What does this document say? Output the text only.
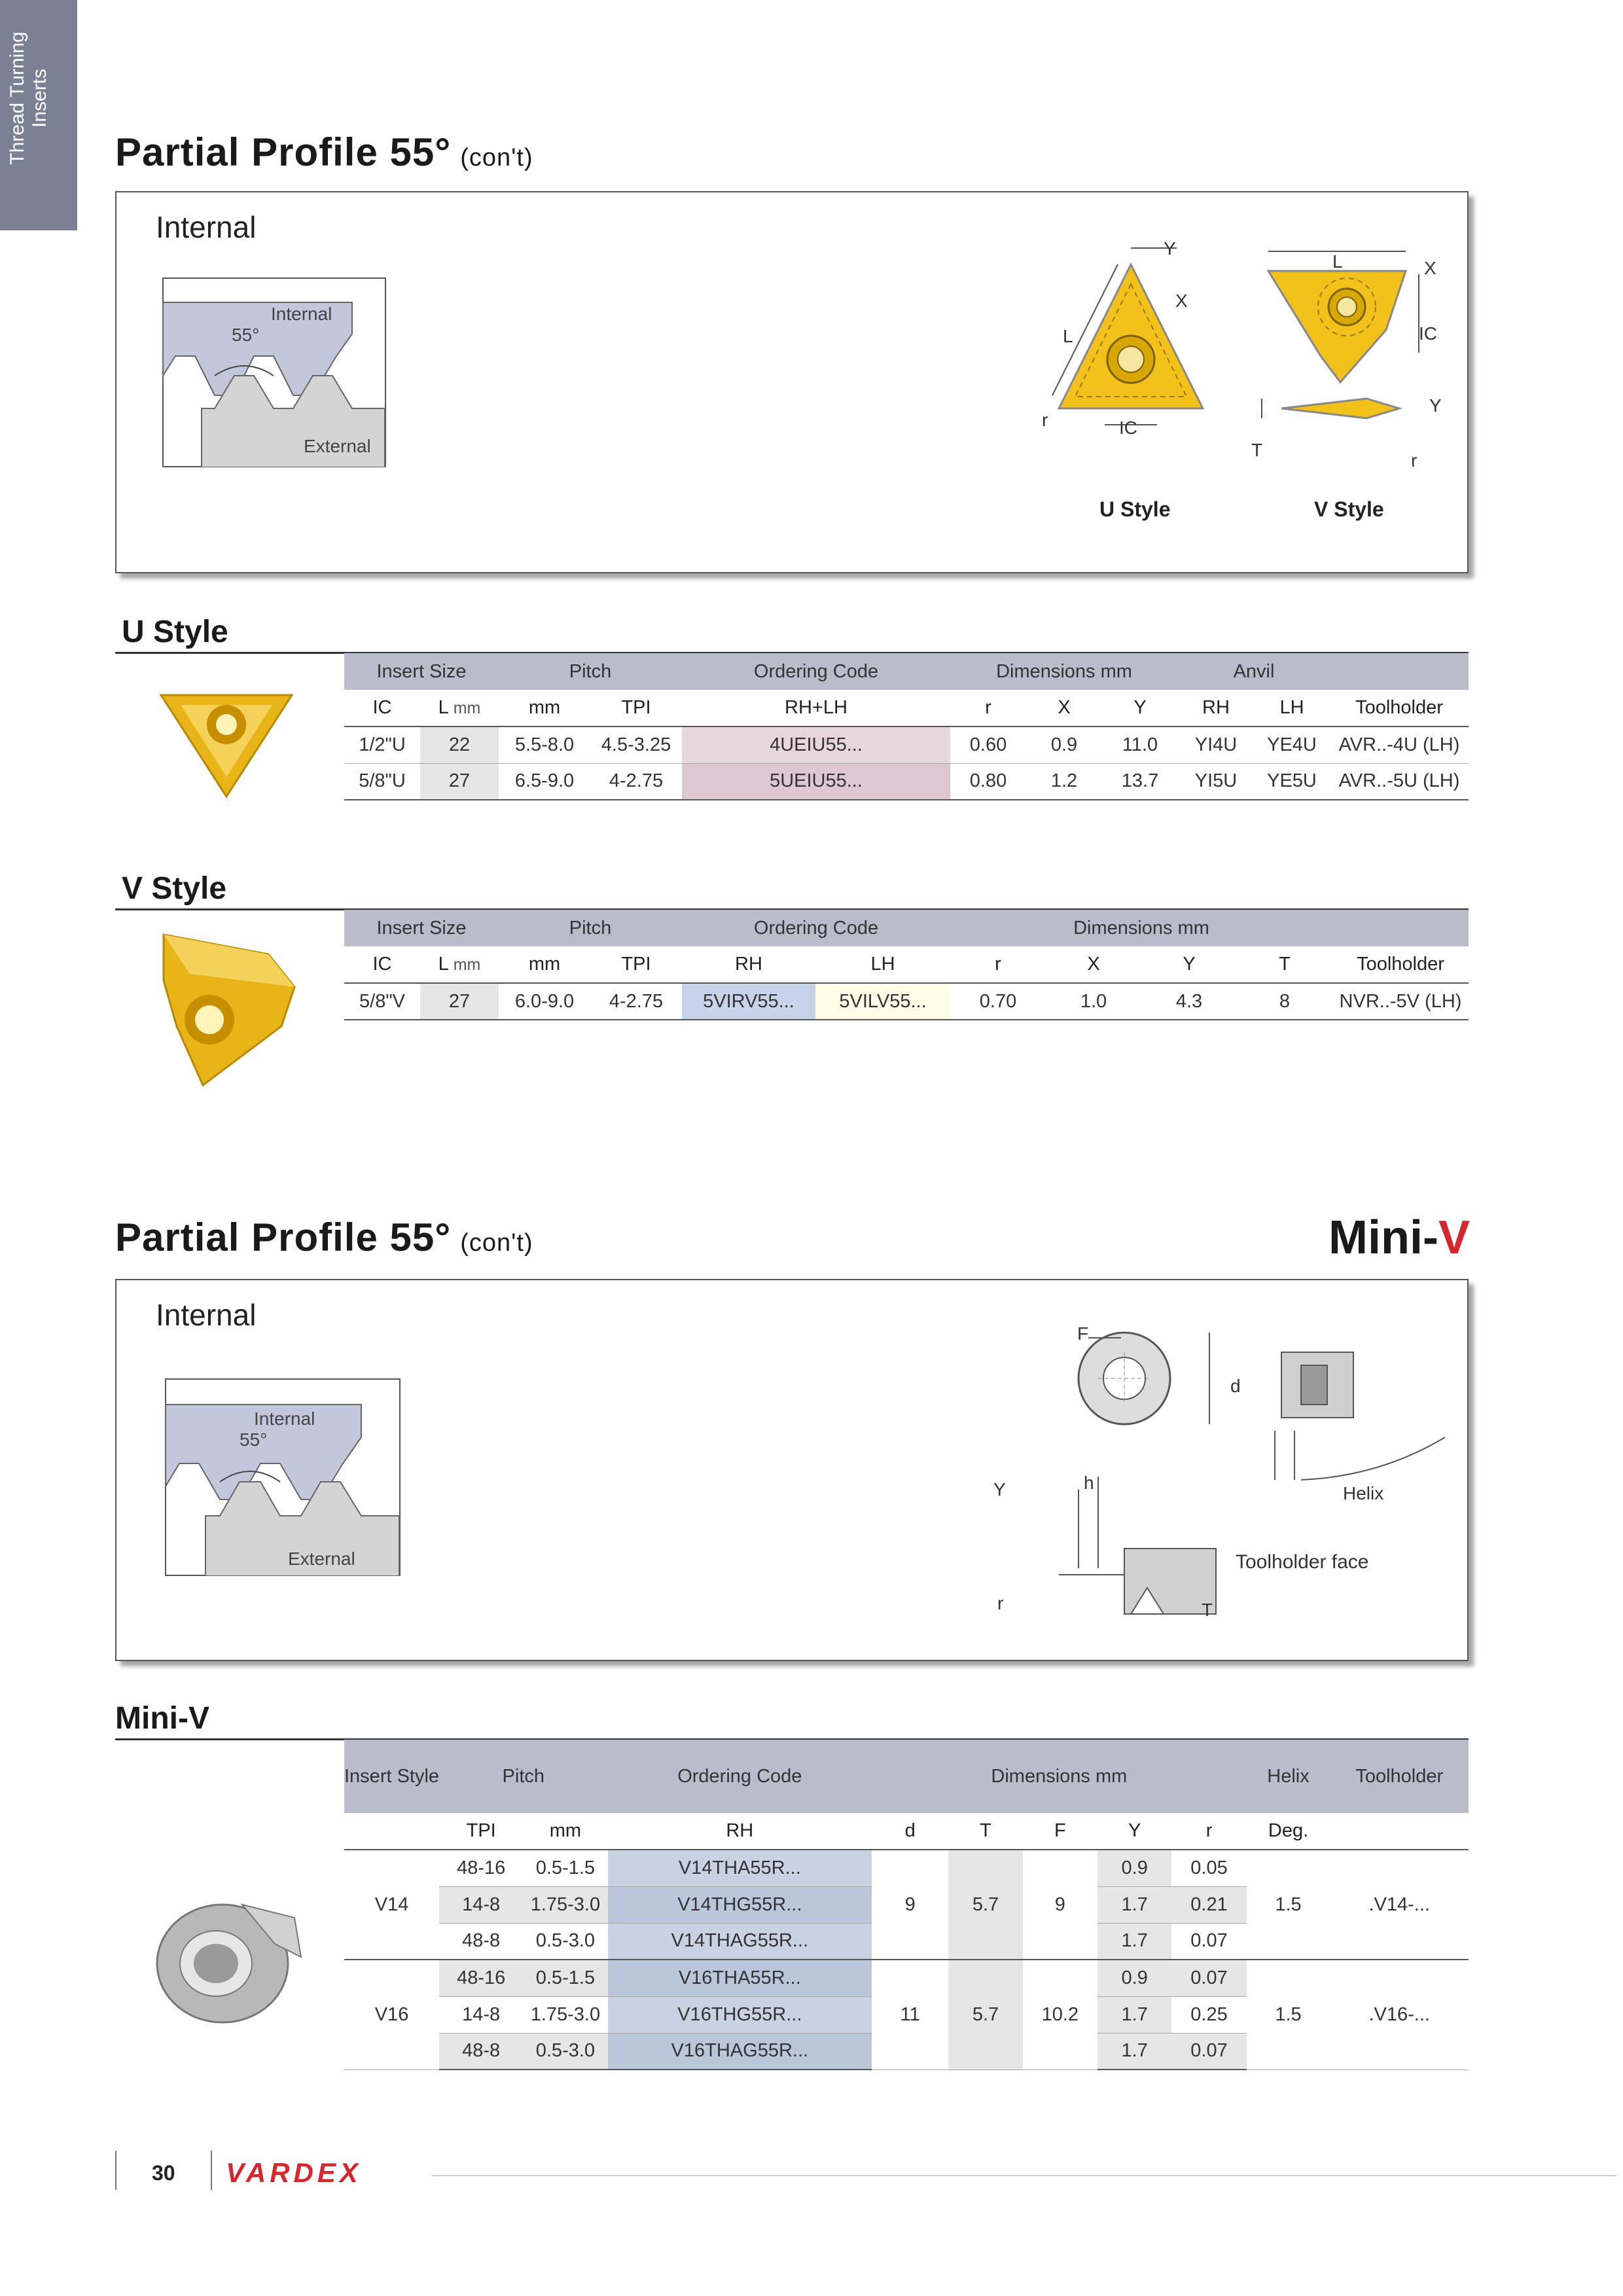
Thread Turning Inserts
Partial Profile 55° (con't)
Internal
Internal
55°
External
Y
X
L
IC
r
L	X
IC
Y
T
r
U Style	V Style
U Style
Insert Size		Pitch		Ordering Code	Dimensions mm			Anvil		
IC	L mm	mm	TPI	RH+LH	r	X	Y	RH	LH	Toolholder
1/2"U	22	5.5-8.0	4.5-3.25	4UEIU55...	0.60	0.9	11.0	YI4U	YE4U	AVR..-4U (LH)
5/8"U	27	6.5-9.0	4-2.75	5UEIU55...	0.80	1.2	13.7	YI5U	YE5U	AVR..-5U (LH)
V Style
Insert Size		Pitch		Ordering Code		Dimensions mm				
IC	L mm	mm	TPI	RH	LH	r	X	Y	T	Toolholder
5/8"V	27	6.0-9.0	4-2.75	5VIRV55...	5VILV55...	0.70	1.0	4.3	8	NVR..-5V (LH)
Partial Profile 55° (con't)	Mini-V
Internal
Internal
55°
External
F
d
Helix
h
Y
r	T
Toolholder face
Mini-V
Insert Style	Pitch		Ordering Code	Dimensions mm					Helix	Toolholder
	TPI	mm	RH	d	T	F	Y	r	Deg.	
V14	48-16	0.5-1.5	V14THA55R...	9	5.7	9	0.9	0.05	1.5	.V14-...
	14-8	1.75-3.0	V14THG55R...				1.7	0.21		
	48-8	0.5-3.0	V14THAG55R...				1.7	0.07		
V16	48-16	0.5-1.5	V16THA55R...	11	5.7	10.2	0.9	0.07	1.5	.V16-...
	14-8	1.75-3.0	V16THG55R...				1.7	0.25		
	48-8	0.5-3.0	V16THAG55R...				1.7	0.07		
30 VARDEX
